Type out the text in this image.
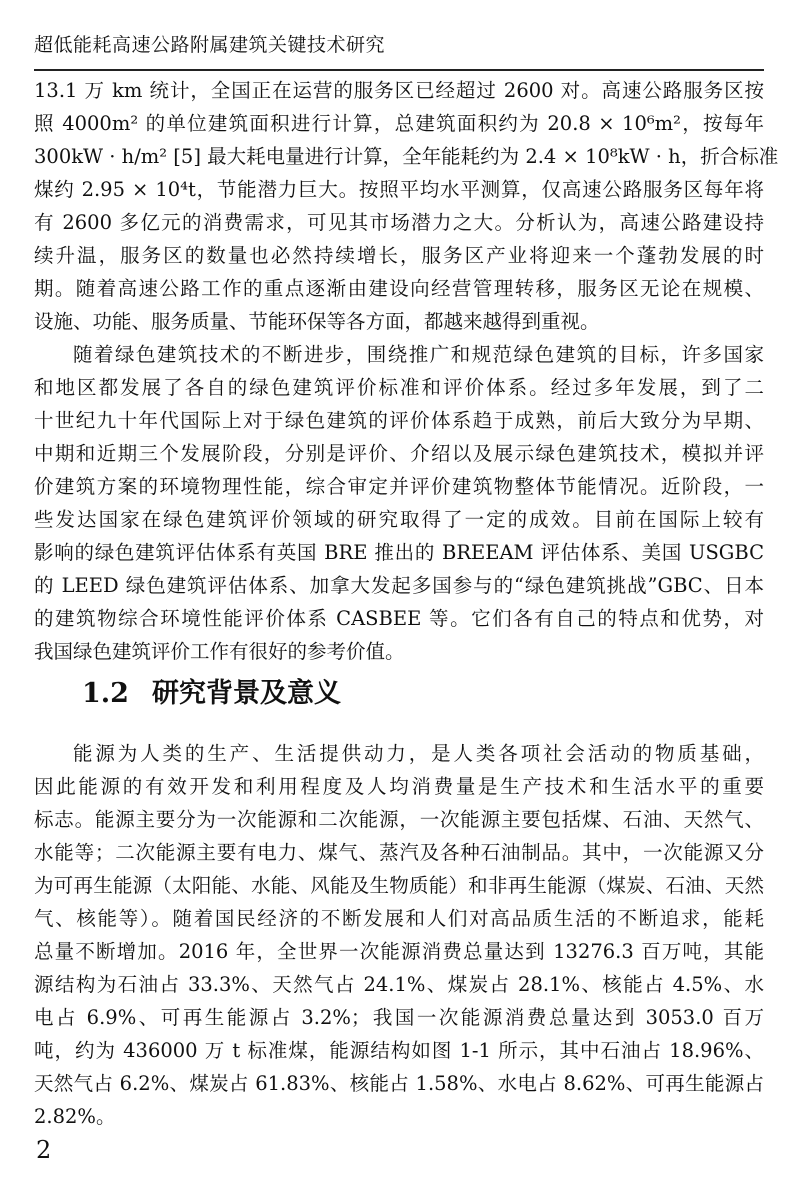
超低能耗高速公路附属建筑关键技术研究
13.1 万 km 统计，全国正在运营的服务区已经超过 2600 对。高速公路服务区按
照 4000m² 的单位建筑面积进行计算，总建筑面积约为 20.8 × 10⁶m²，按每年
300kW · h/m² [5] 最大耗电量进行计算，全年能耗约为 2.4 × 10⁸kW · h，折合标准
煤约 2.95 × 10⁴t，节能潜力巨大。按照平均水平测算，仅高速公路服务区每年将
有 2600 多亿元的消费需求，可见其市场潜力之大。分析认为，高速公路建设持
续升温，服务区的数量也必然持续增长，服务区产业将迎来一个蓬勃发展的时
期。随着高速公路工作的重点逐渐由建设向经营管理转移，服务区无论在规模、
设施、功能、服务质量、节能环保等各方面，都越来越得到重视。
随着绿色建筑技术的不断进步，围绕推广和规范绿色建筑的目标，许多国家
和地区都发展了各自的绿色建筑评价标准和评价体系。经过多年发展，到了二
十世纪九十年代国际上对于绿色建筑的评价体系趋于成熟，前后大致分为早期、
中期和近期三个发展阶段，分别是评价、介绍以及展示绿色建筑技术，模拟并评
价建筑方案的环境物理性能，综合审定并评价建筑物整体节能情况。近阶段，一
些发达国家在绿色建筑评价领域的研究取得了一定的成效。目前在国际上较有
影响的绿色建筑评估体系有英国 BRE 推出的 BREEAM 评估体系、美国 USGBC
的 LEED 绿色建筑评估体系、加拿大发起多国参与的“绿色建筑挑战”GBC、日本
的建筑物综合环境性能评价体系 CASBEE 等。它们各有自己的特点和优势，对
我国绿色建筑评价工作有很好的参考价值。
1.2 研究背景及意义
能源为人类的生产、生活提供动力，是人类各项社会活动的物质基础，
因此能源的有效开发和利用程度及人均消费量是生产技术和生活水平的重要
标志。能源主要分为一次能源和二次能源，一次能源主要包括煤、石油、天然气、
水能等；二次能源主要有电力、煤气、蒸汽及各种石油制品。其中，一次能源又分
为可再生能源（太阳能、水能、风能及生物质能）和非再生能源（煤炭、石油、天然
气、核能等）。随着国民经济的不断发展和人们对高品质生活的不断追求，能耗
总量不断增加。2016 年，全世界一次能源消费总量达到 13276.3 百万吨，其能
源结构为石油占 33.3%、天然气占 24.1%、煤炭占 28.1%、核能占 4.5%、水
电占 6.9%、可再生能源占 3.2%；我国一次能源消费总量达到 3053.0 百万
吨，约为 436000 万 t 标准煤，能源结构如图 1-1 所示，其中石油占 18.96%、
天然气占 6.2%、煤炭占 61.83%、核能占 1.58%、水电占 8.62%、可再生能源占
2.82%。
2
